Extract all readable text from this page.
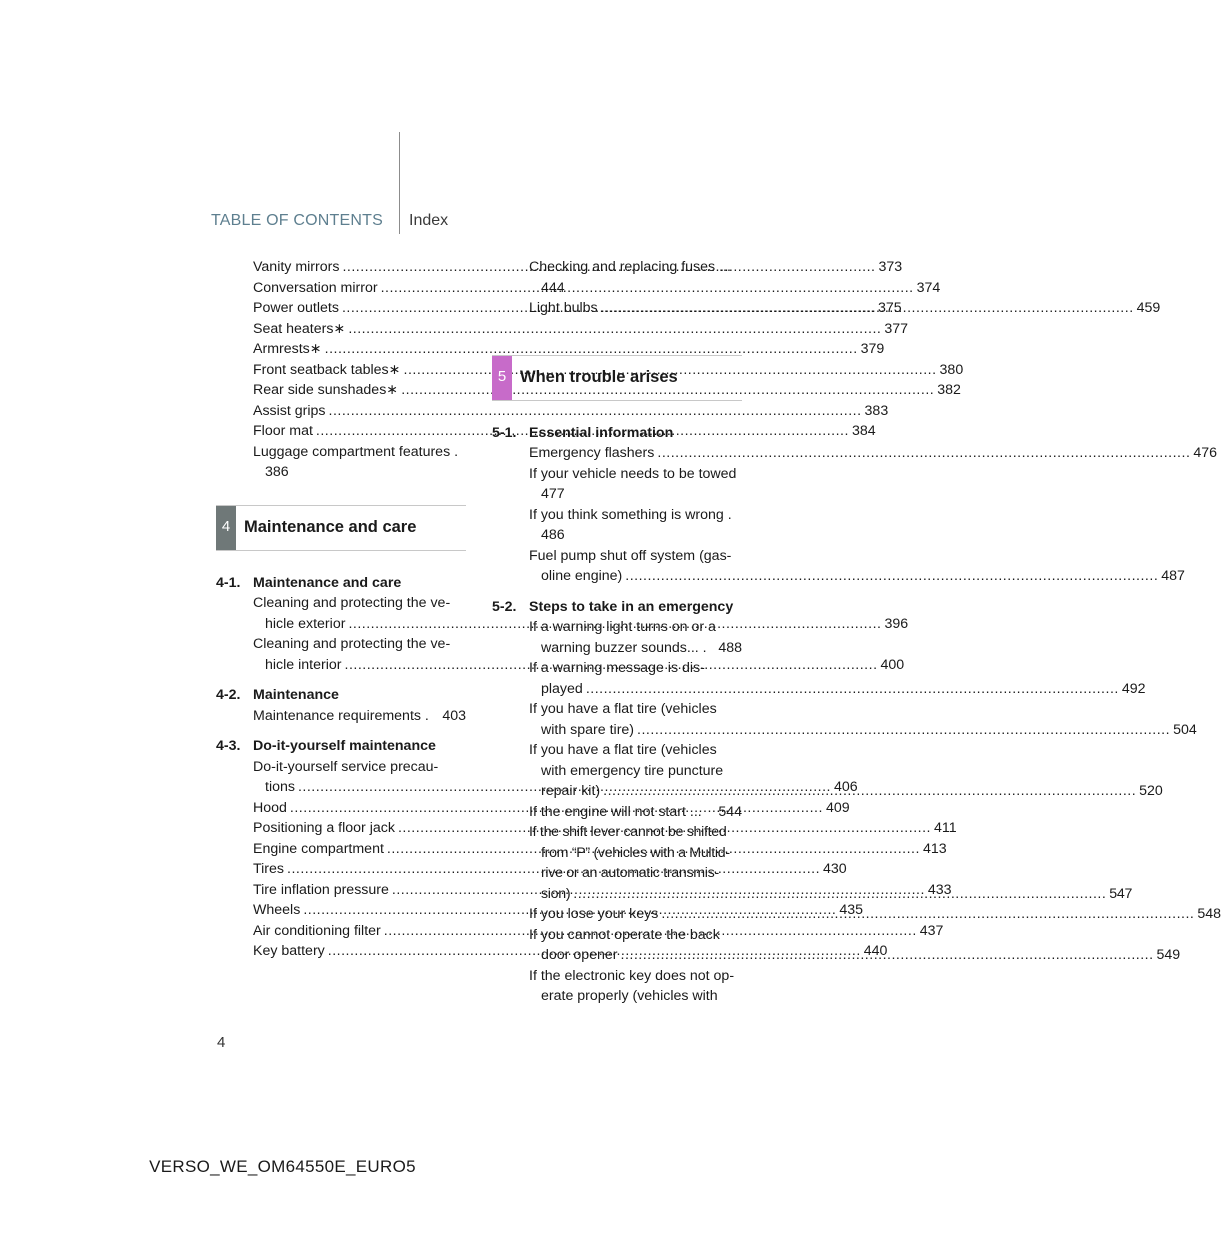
TABLE OF CONTENTS Index
Vanity mirrors .....	373
Conversation mirror .....	374
Power outlets .....	375
Seat heaters∗ .....	377
Armrests∗ .....	379
Front seatback tables∗ .....	380
Rear side sunshades∗ .....	382
Assist grips .....	383
Floor mat .....	384
Luggage compartment features .
386
4 Maintenance and care
4-1. Maintenance and care
Cleaning and protecting the ve-
hicle exterior .....	396
Cleaning and protecting the ve-
hicle interior .....	400
4-2. Maintenance
Maintenance requirements . 403
4-3. Do-it-yourself maintenance
Do-it-yourself service precau-
tions .....	406
Hood .....	409
Positioning a floor jack .....	411
Engine compartment .....	413
Tires .....	430
Tire inflation pressure .....	433
Wheels .....	435
Air conditioning filter .....	437
Key battery .....	440
Checking and replacing fuses ...
444
Light bulbs .....	459
5 When trouble arises
5-1. Essential information
Emergency flashers .....	476
If your vehicle needs to be towed
477
If you think something is wrong .
486
Fuel pump shut off system (gas-
oline engine) .....	487
5-2. Steps to take in an emergency
If a warning light turns on or a
warning buzzer sounds... . 488
If a warning message is dis-
played .....	492
If you have a flat tire (vehicles
with spare tire) .....	504
If you have a flat tire (vehicles
with emergency tire puncture
repair kit) .....	520
If the engine will not start ... 544
If the shift lever cannot be shifted
from “P” (vehicles with a Multid-
rive or an automatic transmis-
sion) .....	547
If you lose your keys .....	548
If you cannot operate the back
door opener .....	549
If the electronic key does not op-
erate properly (vehicles with
4
VERSO_WE_OM64550E_EURO5
